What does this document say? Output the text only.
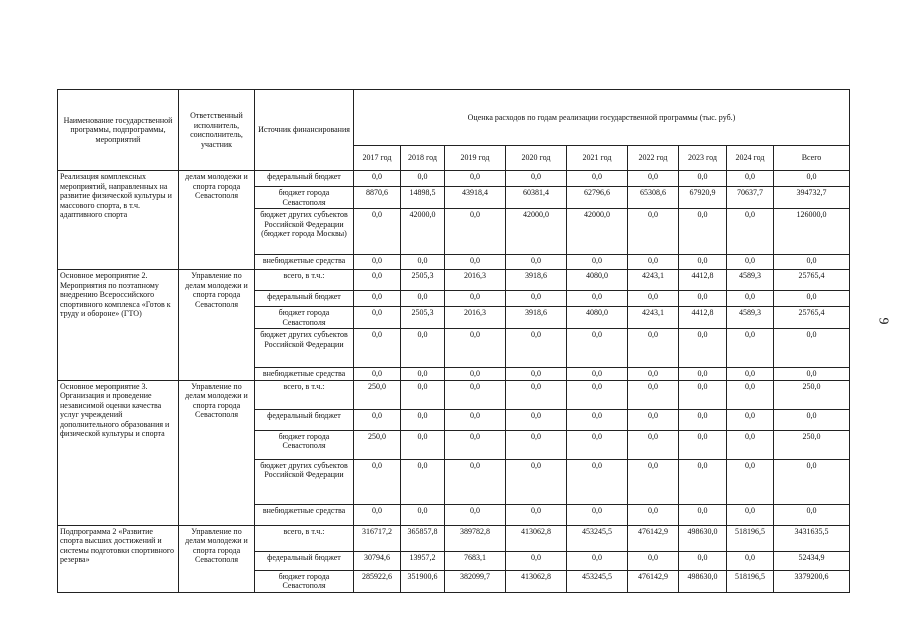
9
Наименование государственной программы, подпрограммы, мероприятий	Ответственный исполнитель, соисполнитель, участник	Источник финансирования	Оценка расходов по годам реализации государственной программы (тыс. руб.)								
			2017 год	2018 год	2019 год	2020 год	2021 год	2022 год	2023 год	2024 год	Всего
Реализация комплексных мероприятий, направленных на развитие физической культуры и массового спорта, в т.ч. адаптивного спорта	делам молодежи и спорта города Севастополя	федеральный бюджет	0,0	0,0	0,0	0,0	0,0	0,0	0,0	0,0	0,0
		бюджет города Севастополя	8870,6	14898,5	43918,4	60381,4	62796,6	65308,6	67920,9	70637,7	394732,7
		бюджет других субъектов Российской Федерации (бюджет города Москвы)	0,0	42000,0	0,0	42000,0	42000,0	0,0	0,0	0,0	126000,0
		внебюджетные средства	0,0	0,0	0,0	0,0	0,0	0,0	0,0	0,0	0,0
Основное мероприятие 2. Мероприятия по поэтапному внедрению Всероссийского спортивного комплекса «Готов к труду и обороне» (ГТО)	Управление по делам молодежи и спорта города Севастополя	всего, в т.ч.:	0,0	2505,3	2016,3	3918,6	4080,0	4243,1	4412,8	4589,3	25765,4
		федеральный бюджет	0,0	0,0	0,0	0,0	0,0	0,0	0,0	0,0	0,0
		бюджет города Севастополя	0,0	2505,3	2016,3	3918,6	4080,0	4243,1	4412,8	4589,3	25765,4
		бюджет других субъектов Российской Федерации	0,0	0,0	0,0	0,0	0,0	0,0	0,0	0,0	0,0
		внебюджетные средства	0,0	0,0	0,0	0,0	0,0	0,0	0,0	0,0	0,0
Основное мероприятие 3. Организация и проведение независимой оценки качества услуг учреждений дополнительного образования и физической культуры и спорта	Управление по делам молодежи и спорта города Севастополя	всего, в т.ч.:	250,0	0,0	0,0	0,0	0,0	0,0	0,0	0,0	250,0
		федеральный бюджет	0,0	0,0	0,0	0,0	0,0	0,0	0,0	0,0	0,0
		бюджет города Севастополя	250,0	0,0	0,0	0,0	0,0	0,0	0,0	0,0	250,0
		бюджет других субъектов Российской Федерации	0,0	0,0	0,0	0,0	0,0	0,0	0,0	0,0	0,0
		внебюджетные средства	0,0	0,0	0,0	0,0	0,0	0,0	0,0	0,0	0,0
Подпрограмма 2 «Развитие спорта высших достижений и системы подготовки спортивного резерва»	Управление по делам молодежи и спорта города Севастополя	всего, в т.ч.:	316717,2	365857,8	389782,8	413062,8	453245,5	476142,9	498630,0	518196,5	3431635,5
		федеральный бюджет	30794,6	13957,2	7683,1	0,0	0,0	0,0	0,0	0,0	52434,9
		бюджет города Севастополя	285922,6	351900,6	382099,7	413062,8	453245,5	476142,9	498630,0	518196,5	3379200,6
